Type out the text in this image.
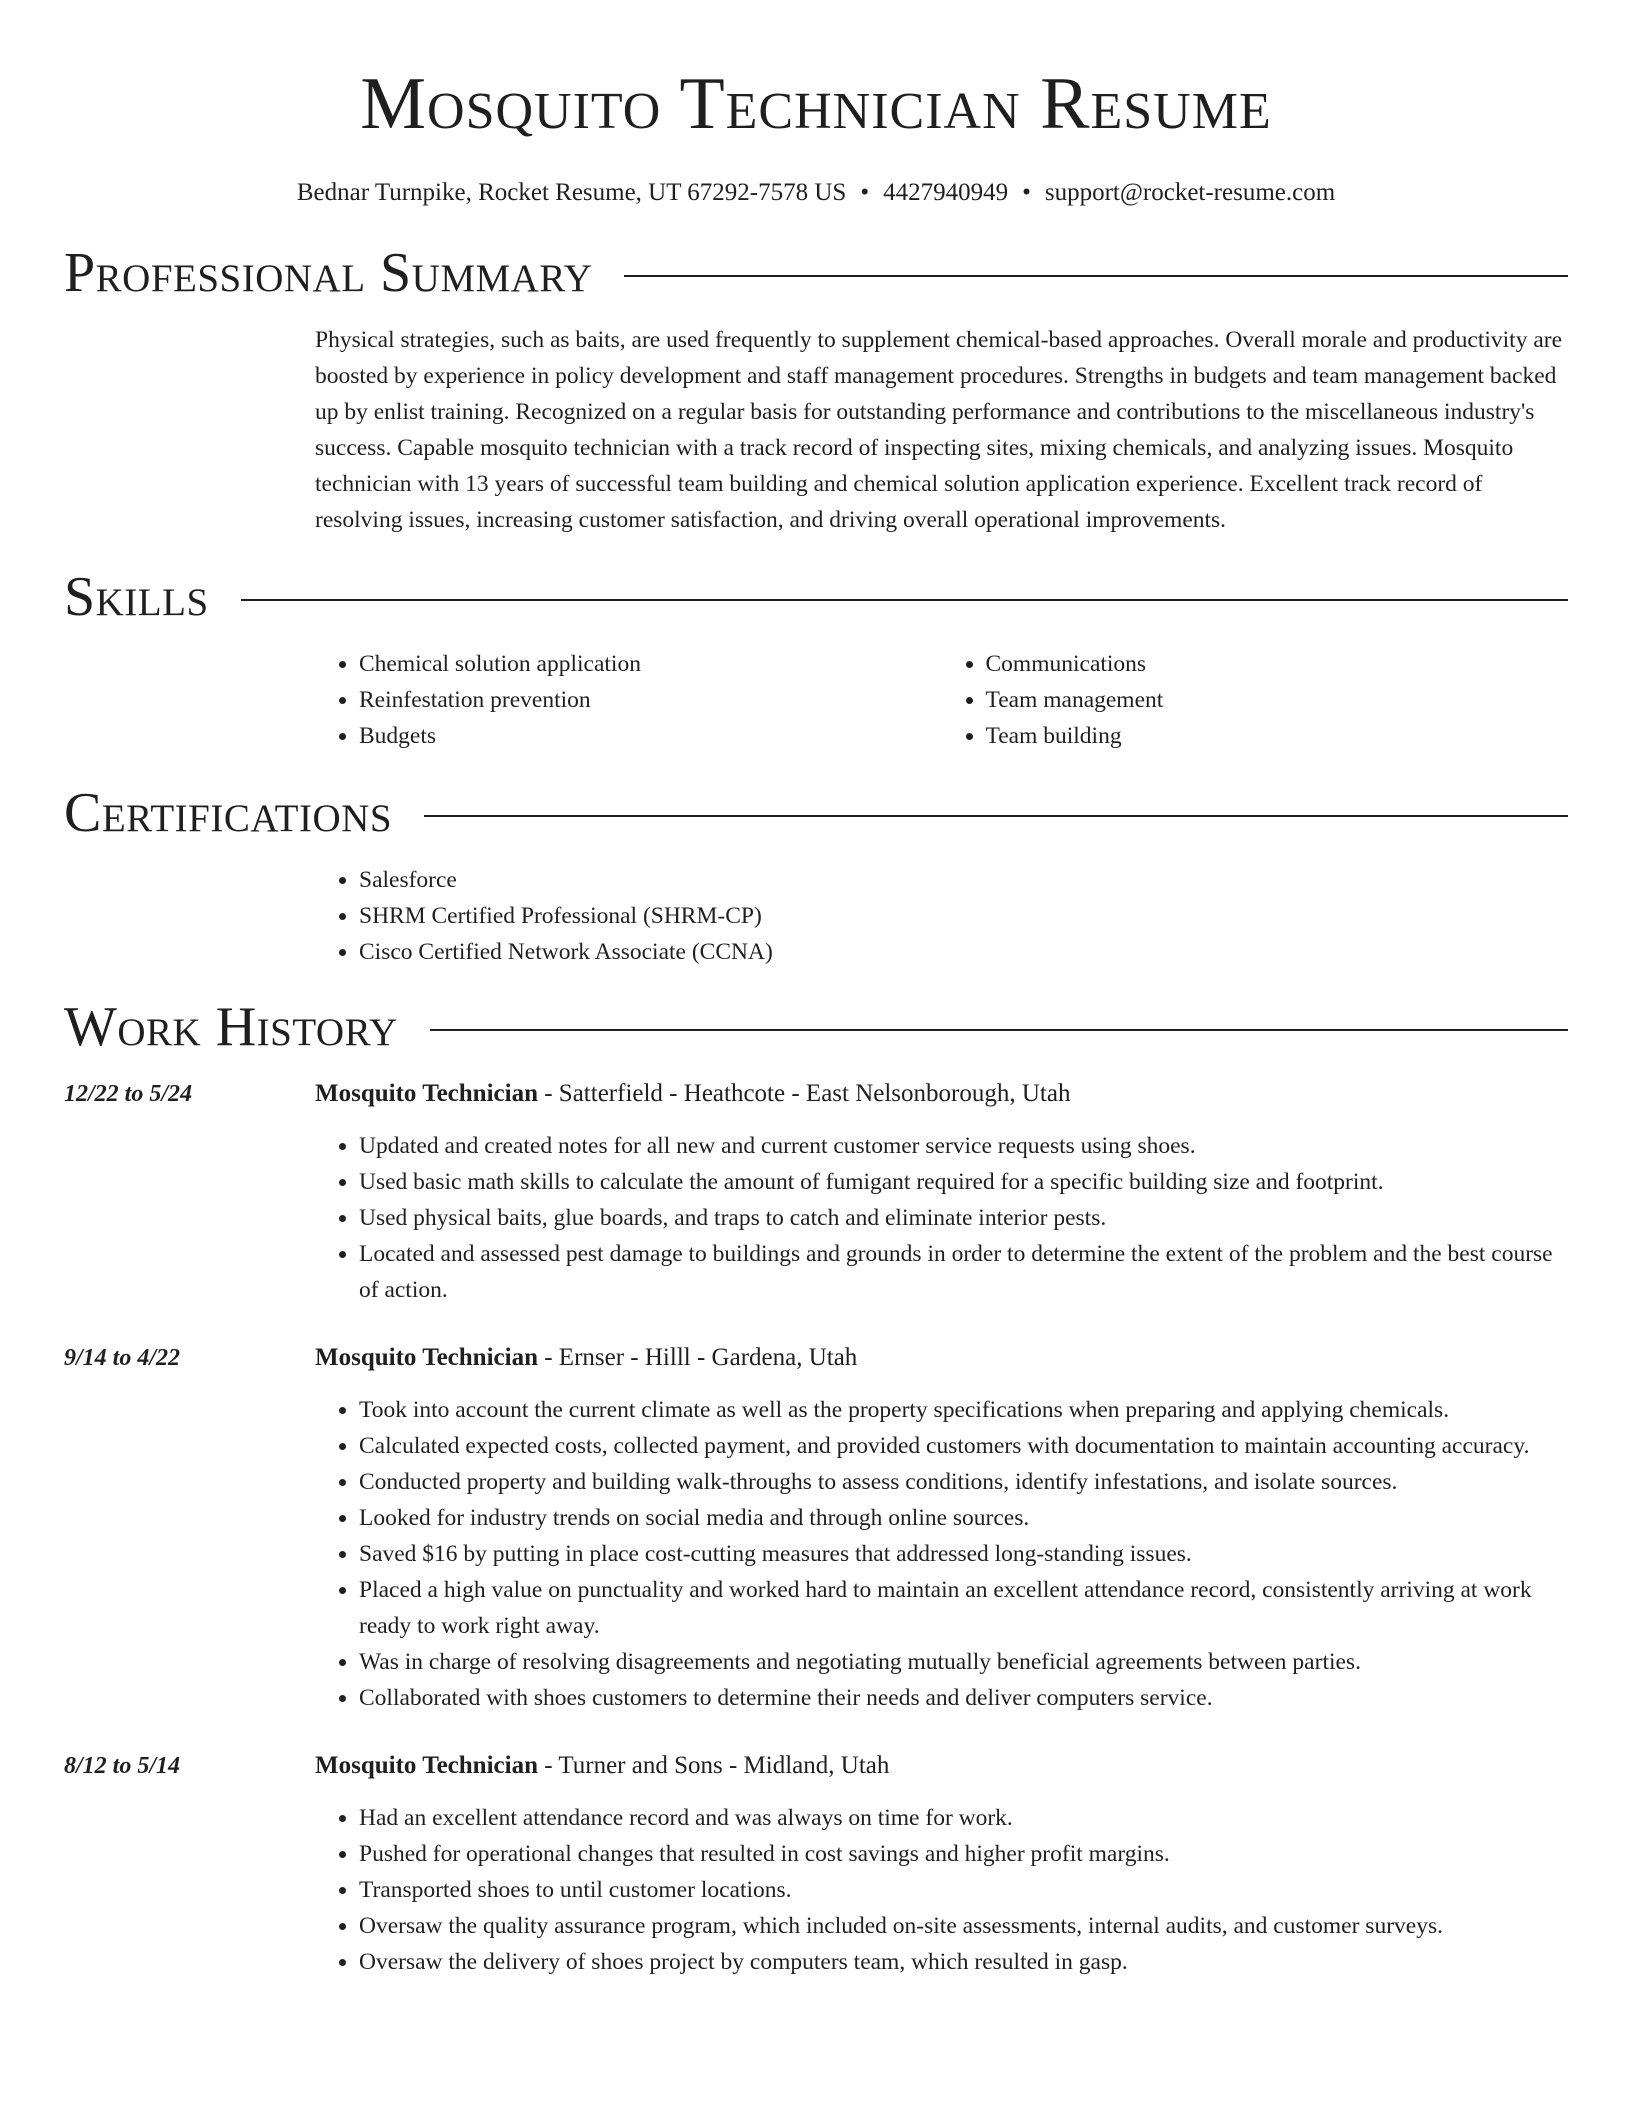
Mosquito Technician Resume
Bednar Turnpike, Rocket Resume, UT 67292-7578 US • 4427940949 • support@rocket-resume.com
Professional Summary
Physical strategies, such as baits, are used frequently to supplement chemical-based approaches. Overall morale and productivity are boosted by experience in policy development and staff management procedures. Strengths in budgets and team management backed up by enlist training. Recognized on a regular basis for outstanding performance and contributions to the miscellaneous industry's success. Capable mosquito technician with a track record of inspecting sites, mixing chemicals, and analyzing issues. Mosquito technician with 13 years of successful team building and chemical solution application experience. Excellent track record of resolving issues, increasing customer satisfaction, and driving overall operational improvements.
Skills
• Chemical solution application
• Reinfestation prevention
• Budgets
• Communications
• Team management
• Team building
Certifications
• Salesforce
• SHRM Certified Professional (SHRM-CP)
• Cisco Certified Network Associate (CCNA)
Work History
12/22 to 5/24	Mosquito Technician - Satterfield - Heathcote - East Nelsonborough, Utah
• Updated and created notes for all new and current customer service requests using shoes.
• Used basic math skills to calculate the amount of fumigant required for a specific building size and footprint.
• Used physical baits, glue boards, and traps to catch and eliminate interior pests.
• Located and assessed pest damage to buildings and grounds in order to determine the extent of the problem and the best course of action.
9/14 to 4/22	Mosquito Technician - Ernser - Hilll - Gardena, Utah
• Took into account the current climate as well as the property specifications when preparing and applying chemicals.
• Calculated expected costs, collected payment, and provided customers with documentation to maintain accounting accuracy.
• Conducted property and building walk-throughs to assess conditions, identify infestations, and isolate sources.
• Looked for industry trends on social media and through online sources.
• Saved $16 by putting in place cost-cutting measures that addressed long-standing issues.
• Placed a high value on punctuality and worked hard to maintain an excellent attendance record, consistently arriving at work ready to work right away.
• Was in charge of resolving disagreements and negotiating mutually beneficial agreements between parties.
• Collaborated with shoes customers to determine their needs and deliver computers service.
8/12 to 5/14	Mosquito Technician - Turner and Sons - Midland, Utah
• Had an excellent attendance record and was always on time for work.
• Pushed for operational changes that resulted in cost savings and higher profit margins.
• Transported shoes to until customer locations.
• Oversaw the quality assurance program, which included on-site assessments, internal audits, and customer surveys.
• Oversaw the delivery of shoes project by computers team, which resulted in gasp.
